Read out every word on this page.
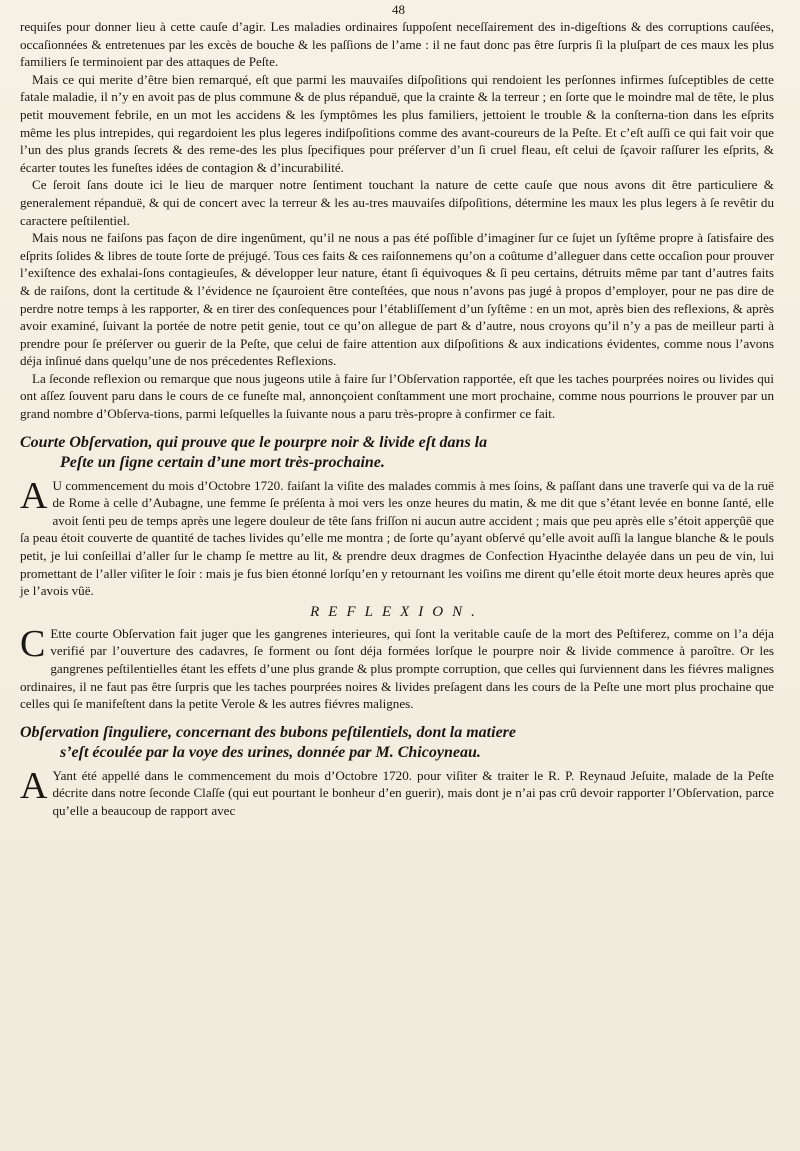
48

requiſes pour donner lieu à cette cauſe d’agir. Les maladies ordinaires ſuppoſent neceſſairement des in-digeſtions & des corruptions cauſées, occaſionnées & entretenues par les excès de bouche & les paſſions de l’ame : il ne faut donc pas être ſurpris ſi la pluſpart de ces maux les plus familiers ſe terminoient par des attaques de Peſte.

Mais ce qui merite d’être bien remarqué, eſt que parmi les mauvaiſes diſpoſitions qui rendoient les perſonnes infirmes ſuſceptibles de cette fatale maladie, il n’y en avoit pas de plus commune & de plus répanduë, que la crainte & la terreur ; en ſorte que le moindre mal de tête, le plus petit mouvement febrile, en un mot les accidens & les ſymptômes les plus familiers, jettoient le trouble & la conſterna-tion dans les eſprits même les plus intrepides, qui regardoient les plus legeres indiſpoſitions comme des avant-coureurs de la Peſte. Et c’eſt auſſi ce qui fait voir que l’un des plus grands ſecrets & des reme-des les plus ſpecifiques pour préſerver d’un ſi cruel fleau, eſt celui de ſçavoir raſſurer les eſprits, & écarter toutes les funeſtes idées de contagion & d’incurabilité.

Ce ſeroit ſans doute ici le lieu de marquer notre ſentiment touchant la nature de cette cauſe que nous avons dit être particuliere & generalement répanduë, & qui de concert avec la terreur & les au-tres mauvaiſes diſpoſitions, détermine les maux les plus legers à ſe revêtir du caractere peſtilentiel.

Mais nous ne faiſons pas façon de dire ingenûment, qu’il ne nous a pas été poſſible d’imaginer ſur ce ſujet un ſyſtême propre à ſatisfaire des eſprits ſolides & libres de toute ſorte de préjugé. Tous ces faits & ces raiſonnemens qu’on a coûtume d’alleguer dans cette occaſion pour prouver l’exiſtence des exhalai-ſons contagieuſes, & développer leur nature, étant ſi équivoques & ſi peu certains, détruits même par tant d’autres faits & de raiſons, dont la certitude & l’évidence ne ſçauroient être conteſtées, que nous n’avons pas jugé à propos d’employer, pour ne pas dire de perdre notre temps à les rapporter, & en tirer des conſequences pour l’établiſſement d’un ſyſtême : en un mot, après bien des reflexions, & après avoir examiné, ſuivant la portée de notre petit genie, tout ce qu’on allegue de part & d’autre, nous croyons qu’il n’y a pas de meilleur parti à prendre pour ſe préſerver ou guerir de la Peſte, que celui de faire attention aux diſpoſitions & aux indications évidentes, comme nous l’avons déja inſinué dans quelqu’une de nos précedentes Reflexions.

La ſeconde reflexion ou remarque que nous jugeons utile à faire ſur l’Obſervation rapportée, eſt que les taches pourprées noires ou livides qui ont aſſez ſouvent paru dans le cours de ce funeſte mal, annonçoient conſtamment une mort prochaine, comme nous pourrions le prouver par un grand nombre d’Obſerva-tions, parmi leſquelles la ſuivante nous a paru très-propre à confirmer ce fait.

Courte Obſervation, qui prouve que le pourpre noir & livide eſt dans la
Peſte un ſigne certain d’une mort très-prochaine.

A U commencement du mois d’Octobre 1720. faiſant la viſite des malades commis à mes ſoins, & paſſant dans une traverſe qui va de la ruë de Rome à celle d’Aubagne, une femme ſe préſenta à moi vers les onze heures du matin, & me dit que s’étant levée en bonne ſanté, elle avoit ſenti peu de temps après une legere douleur de tête ſans friſſon ni aucun autre accident ; mais que peu après elle s’étoit apperçûë que ſa peau étoit couverte de quantité de taches livides qu’elle me montra ; de ſorte qu’ayant obſervé qu’elle avoit auſſi la langue blanche & le pouls petit, je lui conſeillai d’aller ſur le champ ſe mettre au lit, & prendre deux dragmes de Confection Hyacinthe delayée dans un peu de vin, lui promettant de l’aller viſiter le ſoir : mais je fus bien étonné lorſqu’en y retournant les voiſins me dirent qu’elle étoit morte deux heures après que je l’avois vûë.

REFLEXION.

C Ette courte Obſervation fait juger que les gangrenes interieures, qui ſont la veritable cauſe de la mort des Peſtiferez, comme on l’a déja verifié par l’ouverture des cadavres, ſe forment ou ſont déja formées lorſque le pourpre noir & livide commence à paroître. Or les gangrenes peſtilentielles étant les effets d’une plus grande & plus prompte corruption, que celles qui ſurviennent dans les fiévres malignes ordinaires, il ne faut pas être ſurpris que les taches pourprées noires & livides preſagent dans les cours de la Peſte une mort plus prochaine que celles qui ſe manifeſtent dans la petite Verole & les autres fiévres malignes.

Obſervation ſinguliere, concernant des bubons peſtilentiels, dont la matiere
s’eſt écoulée par la voye des urines, donnée par M. Chicoyneau.

A Yant été appellé dans le commencement du mois d’Octobre 1720. pour viſiter & traiter le R. P. Reynaud Jeſuite, malade de la Peſte décrite dans notre ſeconde Claſſe (qui eut pourtant le bonheur d’en guerir), mais dont je n’ai pas crû devoir rapporter l’Obſervation, parce qu’elle a beaucoup de rapport avec
